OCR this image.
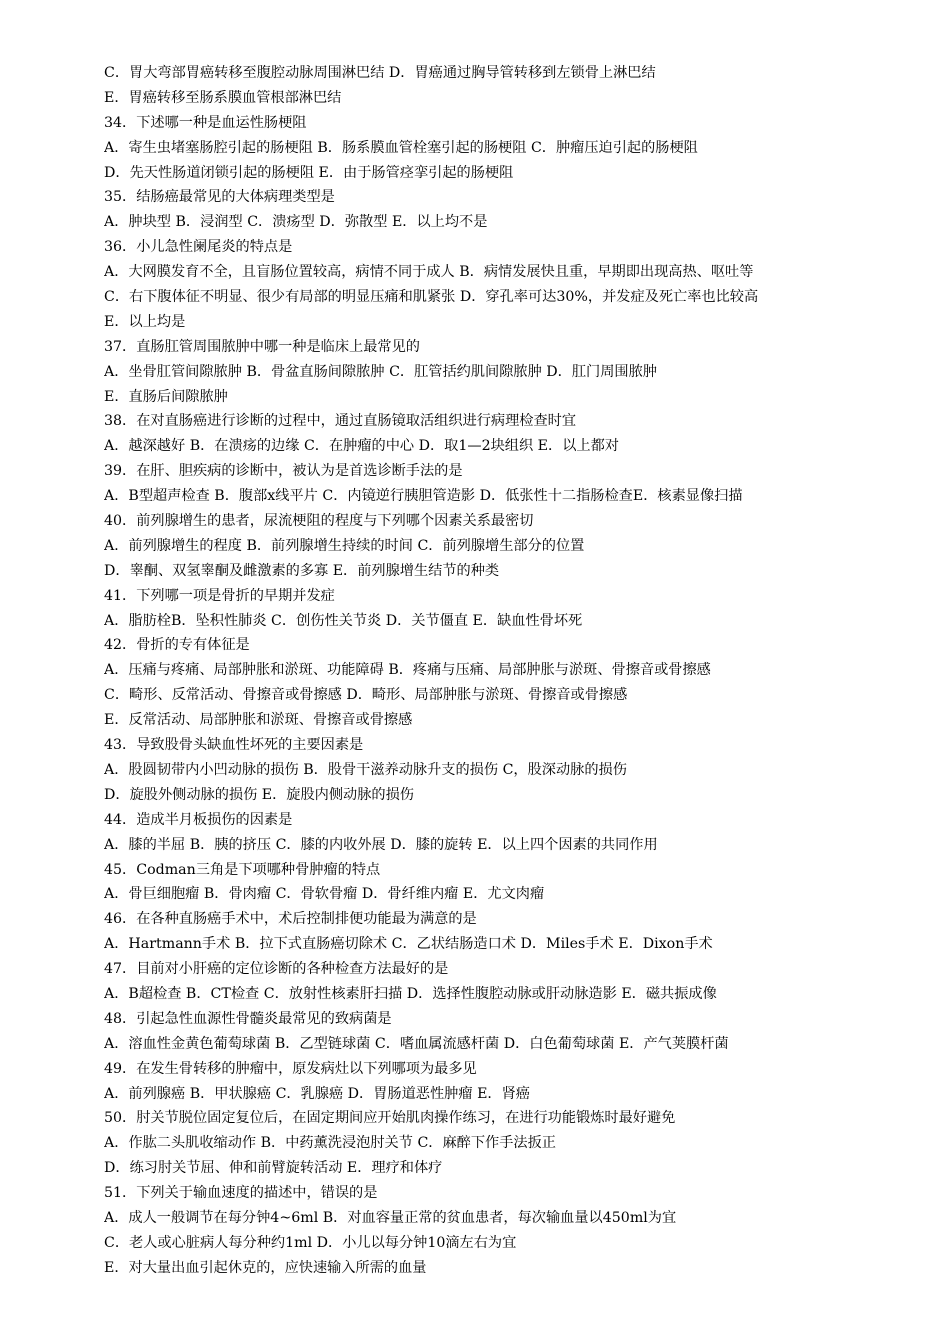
C．胃大弯部胃癌转移至腹腔动脉周围淋巴结 D．胃癌通过胸导管转移到左锁骨上淋巴结
E．胃癌转移至肠系膜血管根部淋巴结
34．下述哪一种是血运性肠梗阻
A．寄生虫堵塞肠腔引起的肠梗阻 B．肠系膜血管栓塞引起的肠梗阻 C．肿瘤压迫引起的肠梗阻
D．先天性肠道闭锁引起的肠梗阻 E．由于肠管痉挛引起的肠梗阻
35．结肠癌最常见的大体病理类型是
A．肿块型 B．浸润型 C．溃疡型 D．弥散型 E．以上均不是
36．小儿急性阑尾炎的特点是
A．大网膜发育不全，且盲肠位置较高，病情不同于成人 B．病情发展快且重，早期即出现高热、呕吐等
C．右下腹体征不明显、很少有局部的明显压痛和肌紧张 D．穿孔率可达30%，并发症及死亡率也比较高
E．以上均是
37．直肠肛管周围脓肿中哪一种是临床上最常见的
A．坐骨肛管间隙脓肿 B．骨盆直肠间隙脓肿 C．肛管括约肌间隙脓肿 D．肛门周围脓肿
E．直肠后间隙脓肿
38．在对直肠癌进行诊断的过程中，通过直肠镜取活组织进行病理检查时宜
A．越深越好 B．在溃疡的边缘 C．在肿瘤的中心 D．取1—2块组织 E．以上都对
39．在肝、胆疾病的诊断中，被认为是首选诊断手法的是
A．B型超声检查 B．腹部x线平片 C．内镜逆行胰胆管造影 D．低张性十二指肠检查E．核素显像扫描
40．前列腺增生的患者，尿流梗阻的程度与下列哪个因素关系最密切
A．前列腺增生的程度 B．前列腺增生持续的时间 C．前列腺增生部分的位置
D．睾酮、双氢睾酮及雌激素的多寡 E．前列腺增生结节的种类
41．下列哪一项是骨折的早期并发症
A．脂肪栓B．坠积性肺炎 C．创伤性关节炎 D．关节僵直 E．缺血性骨坏死
42．骨折的专有体征是
A．压痛与疼痛、局部肿胀和淤斑、功能障碍 B．疼痛与压痛、局部肿胀与淤斑、骨擦音或骨擦感
C．畸形、反常活动、骨擦音或骨擦感 D．畸形、局部肿胀与淤斑、骨擦音或骨擦感
E．反常活动、局部肿胀和淤斑、骨擦音或骨擦感
43．导致股骨头缺血性坏死的主要因素是
A．股圆韧带内小凹动脉的损伤 B．股骨干滋养动脉升支的损伤 C，股深动脉的损伤
D．旋股外侧动脉的损伤 E．旋股内侧动脉的损伤
44．造成半月板损伤的因素是
A．膝的半屈 B．胰的挤压 C．膝的内收外展 D．膝的旋转 E．以上四个因素的共同作用
45．Codman三角是下项哪种骨肿瘤的特点
A．骨巨细胞瘤 B．骨肉瘤 C．骨软骨瘤 D．骨纤维内瘤 E．尤文肉瘤
46．在各种直肠癌手术中，术后控制排便功能最为满意的是
A．Hartmann手术 B．拉下式直肠癌切除术 C．乙状结肠造口术 D．Miles手术 E．Dixon手术
47．目前对小肝癌的定位诊断的各种检查方法最好的是
A．B超检查 B．CT检查 C．放射性核素肝扫描 D．选择性腹腔动脉或肝动脉造影 E．磁共振成像
48．引起急性血源性骨髓炎最常见的致病菌是
A．溶血性金黄色葡萄球菌 B．乙型链球菌 C．嗜血属流感杆菌 D．白色葡萄球菌 E．产气荚膜杆菌
49．在发生骨转移的肿瘤中，原发病灶以下列哪项为最多见
A．前列腺癌 B．甲状腺癌 C．乳腺癌 D．胃肠道恶性肿瘤 E．肾癌
50．肘关节脱位固定复位后，在固定期间应开始肌肉操作练习，在进行功能锻炼时最好避免
A．作肱二头肌收缩动作 B．中药薰洗浸泡肘关节 C．麻醉下作手法扳正
D．练习肘关节屈、伸和前臂旋转活动 E．理疗和体疗
51．下列关于输血速度的描述中，错误的是
A．成人一般调节在每分钟4~6ml B．对血容量正常的贫血患者，每次输血量以450ml为宜
C．老人或心脏病人每分种约1ml D．小儿以每分钟10滴左右为宜
E．对大量出血引起休克的，应快速输入所需的血量
